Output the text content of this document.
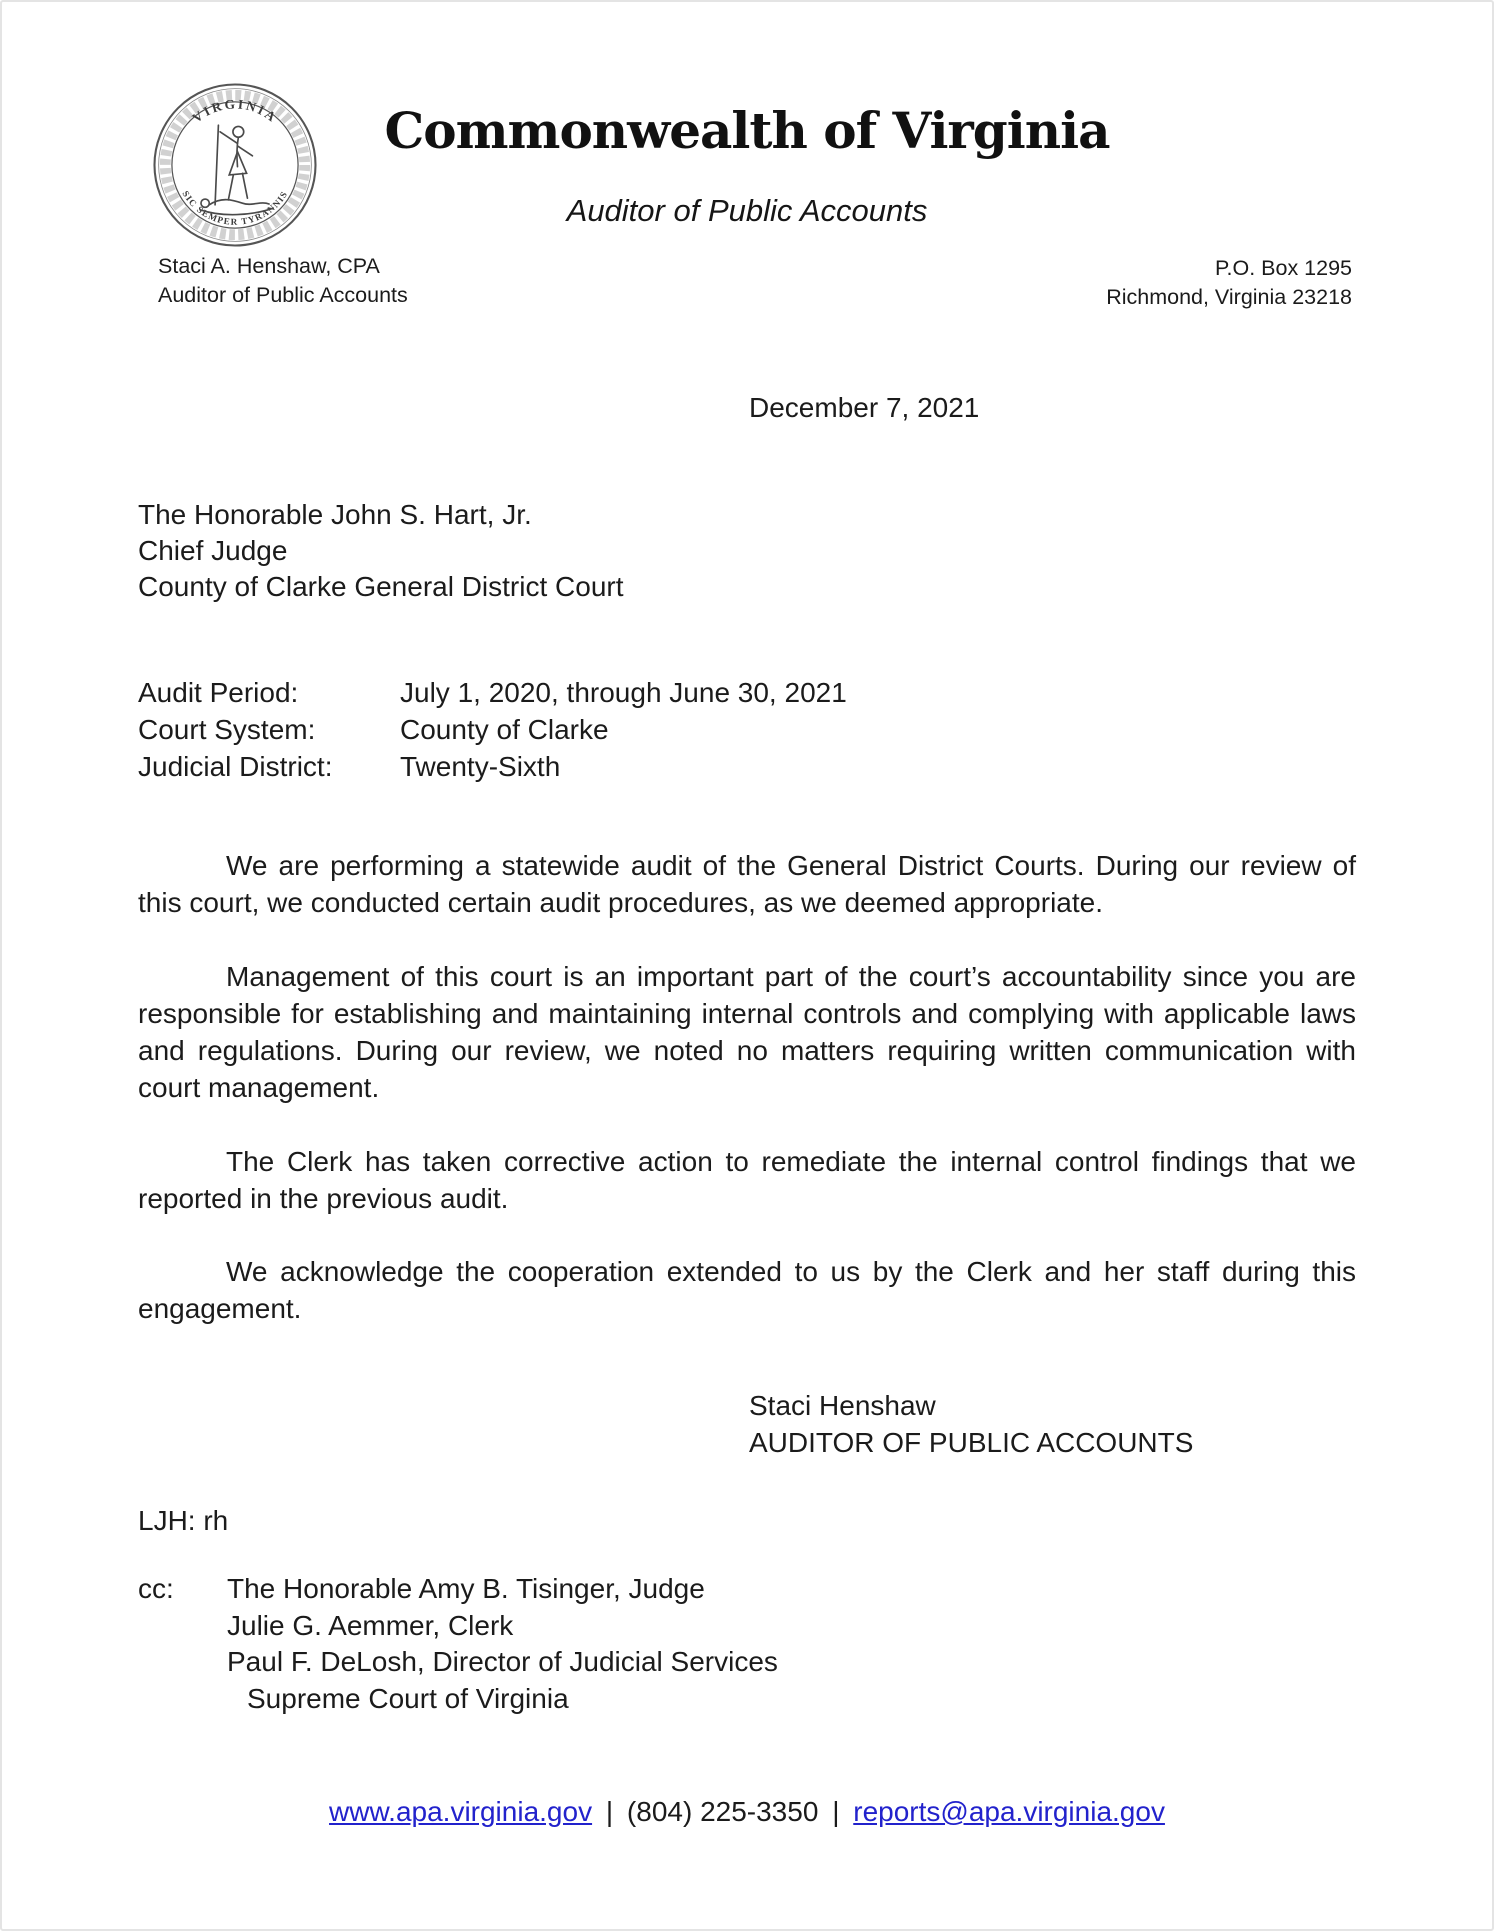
VIRGINIA
SIC SEMPER TYRANNIS
Commonwealth of Virginia
Auditor of Public Accounts
Staci A. Henshaw, CPA
Auditor of Public Accounts
P.O. Box 1295
Richmond, Virginia 23218
December 7, 2021
The Honorable John S. Hart, Jr.
Chief Judge
County of Clarke General District Court
Audit Period:	July 1, 2020, through June 30, 2021
Court System:	County of Clarke
Judicial District:	Twenty-Sixth

We are performing a statewide audit of the General District Courts. During our review of this court, we conducted certain audit procedures, as we deemed appropriate.

Management of this court is an important part of the court’s accountability since you are responsible for establishing and maintaining internal controls and complying with applicable laws and regulations. During our review, we noted no matters requiring written communication with court management.

The Clerk has taken corrective action to remediate the internal control findings that we reported in the previous audit.

We acknowledge the cooperation extended to us by the Clerk and her staff during this engagement.

Staci Henshaw
AUDITOR OF PUBLIC ACCOUNTS
LJH: rh
cc:	The Honorable Amy B. Tisinger, Judge
Julie G. Aemmer, Clerk
Paul F. DeLosh, Director of Judicial Services
Supreme Court of Virginia
www.apa.virginia.gov | (804) 225-3350 | reports@apa.virginia.gov
